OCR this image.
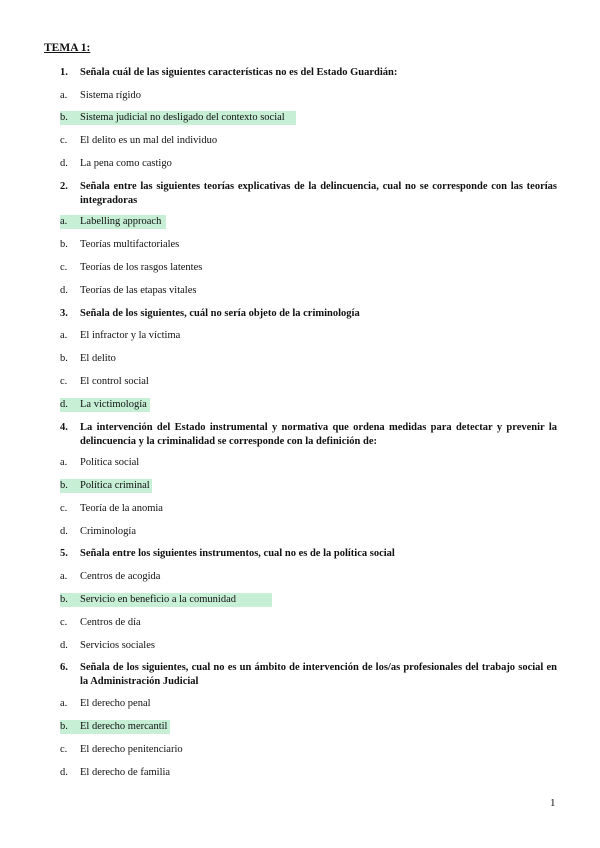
TEMA 1:
1.	Señala cuál de las siguientes características no es del Estado Guardián:
a.	Sistema rígido
b.	Sistema judicial no desligado del contexto social
c.	El delito es un mal del individuo
d.	La pena como castigo
2.	Señala entre las siguientes teorías explicativas de la delincuencia, cual no se corresponde con las teorías integradoras
a.	Labelling approach
b.	Teorías multifactoriales
c.	Teorías de los rasgos latentes
d.	Teorías de las etapas vitales
3.	Señala de los siguientes, cuál no sería objeto de la criminología
a.	El infractor y la víctima
b.	El delito
c.	El control social
d.	La victimología
4.	La intervención del Estado instrumental y normativa que ordena medidas para detectar y prevenir la delincuencia y la criminalidad se corresponde con la definición de:
a.	Política social
b.	Política criminal
c.	Teoría de la anomia
d.	Criminología
5.	Señala entre los siguientes instrumentos, cual no es de la política social
a.	Centros de acogida
b.	Servicio en beneficio a la comunidad
c.	Centros de día
d.	Servicios sociales
6.	Señala de los siguientes, cual no es un ámbito de intervención de los/as profesionales del trabajo social en la Administración Judicial
a.	El derecho penal
b.	El derecho mercantil
c.	El derecho penitenciario
d.	El derecho de familia
1
